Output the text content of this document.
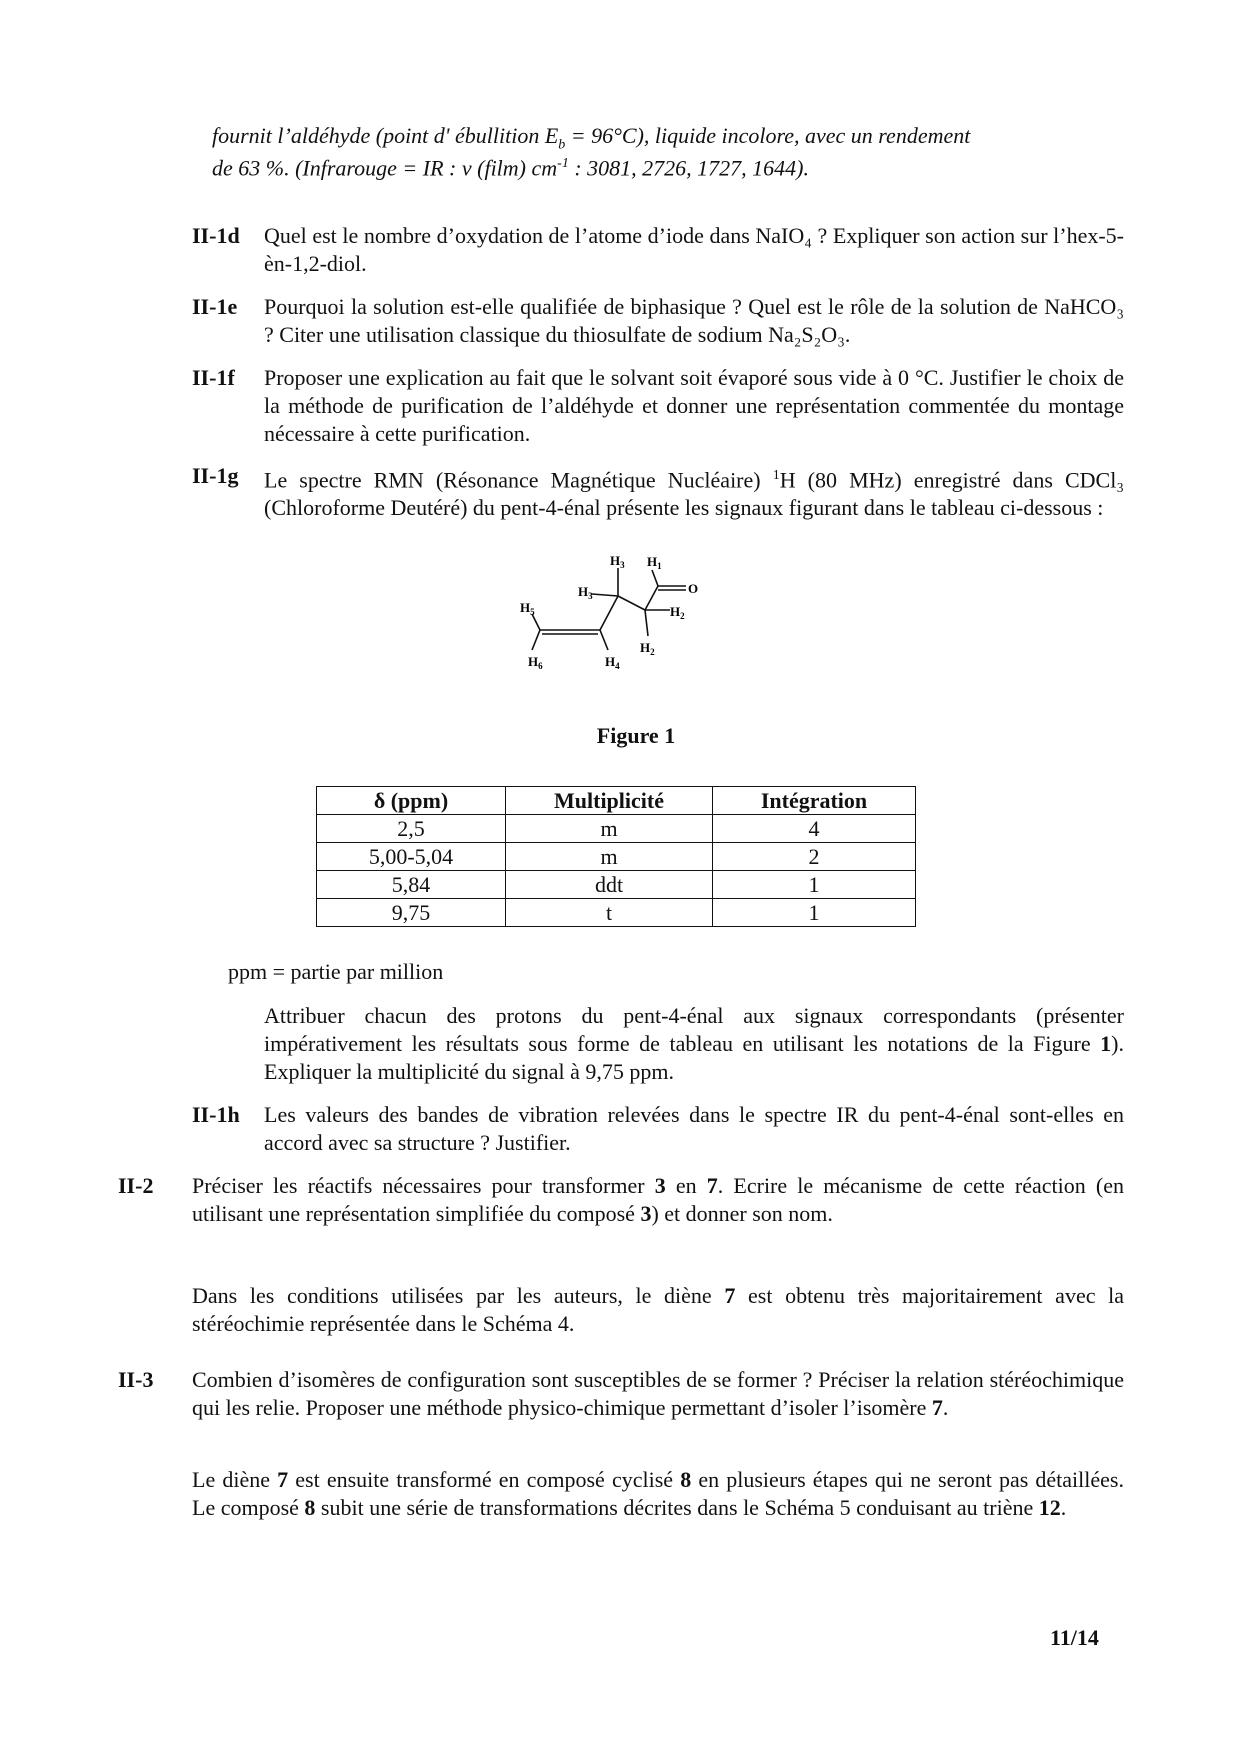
fournit l’aldéhyde (point d' ébullition $E_b = 96^\circ C$), liquide incolore, avec un rendement
de 63 %. (Infrarouge = IR : ν (film) $cm^{-1}$ : 3081, 2726, 1727, 1644).
II-1d Quel est le nombre d’oxydation de l’atome d’iode dans NaIO₄ ? Expliquer son action sur l’hex-5-èn-1,2-diol.
II-1e Pourquoi la solution est-elle qualifiée de biphasique ? Quel est le rôle de la solution de NaHCO₃ ? Citer une utilisation classique du thiosulfate de sodium Na₂S₂O₃.
II-1f Proposer une explication au fait que le solvant soit évaporé sous vide à 0 °C. Justifier le choix de la méthode de purification de l’aldéhyde et donner une représentation commentée du montage nécessaire à cette purification.
II-1g Le spectre RMN (Résonance Magnétique Nucléaire) $^1$H (80 MHz) enregistré dans CDCl₃ (Chloroforme Deutéré) du pent-4-énal présente les signaux figurant dans le tableau ci-dessous :
$H_1$
O
$H_2$
$H_2$
$H_3$
$H_3$
$H_4$
$H_5$
$H_6$
Figure 1
δ (ppm)	Multiplicité	Intégration
2,5	m	4
5,00-5,04	m	2
5,84	ddt	1
9,75	t	1
ppm = partie par million
Attribuer chacun des protons du pent-4-énal aux signaux correspondants (présenter impérativement les résultats sous forme de tableau en utilisant les notations de la Figure 1). Expliquer la multiplicité du signal à 9,75 ppm.
II-1h Les valeurs des bandes de vibration relevées dans le spectre IR du pent-4-énal sont-elles en accord avec sa structure ? Justifier.
II-2 Préciser les réactifs nécessaires pour transformer 3 en 7. Ecrire le mécanisme de cette réaction (en utilisant une représentation simplifiée du composé 3) et donner son nom.
Dans les conditions utilisées par les auteurs, le diène 7 est obtenu très majoritairement avec la stéréochimie représentée dans le Schéma 4.
II-3 Combien d’isomères de configuration sont susceptibles de se former ? Préciser la relation stéréochimique qui les relie. Proposer une méthode physico-chimique permettant d’isoler l’isomère 7.
Le diène 7 est ensuite transformé en composé cyclisé 8 en plusieurs étapes qui ne seront pas détaillées. Le composé 8 subit une série de transformations décrites dans le Schéma 5 conduisant au triène 12.
11/14
